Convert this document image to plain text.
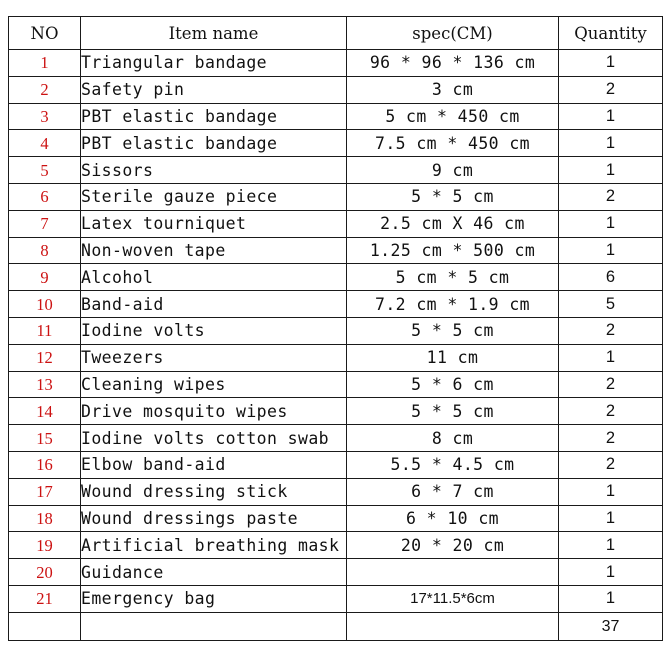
NO	Item name	spec(CM)	Quantity
1	Triangular bandage	96 * 96 * 136 cm	1
2	Safety pin	3 cm	2
3	PBT elastic bandage	5 cm * 450 cm	1
4	PBT elastic bandage	7.5 cm * 450 cm	1
5	Sissors	9 cm	1
6	Sterile gauze piece	5 * 5 cm	2
7	Latex tourniquet	2.5 cm X 46 cm	1
8	Non-woven tape	1.25 cm * 500 cm	1
9	Alcohol	5 cm * 5 cm	6
10	Band-aid	7.2 cm * 1.9 cm	5
11	Iodine volts	5 * 5 cm	2
12	Tweezers	11 cm	1
13	Cleaning wipes	5 * 6 cm	2
14	Drive mosquito wipes	5 * 5 cm	2
15	Iodine volts cotton swab	8 cm	2
16	Elbow band-aid	5.5 * 4.5 cm	2
17	Wound dressing stick	6 * 7 cm	1
18	Wound dressings paste	6 * 10 cm	1
19	Artificial breathing mask	20 * 20 cm	1
20	Guidance		1
21	Emergency bag	17*11.5*6cm	1
			37
